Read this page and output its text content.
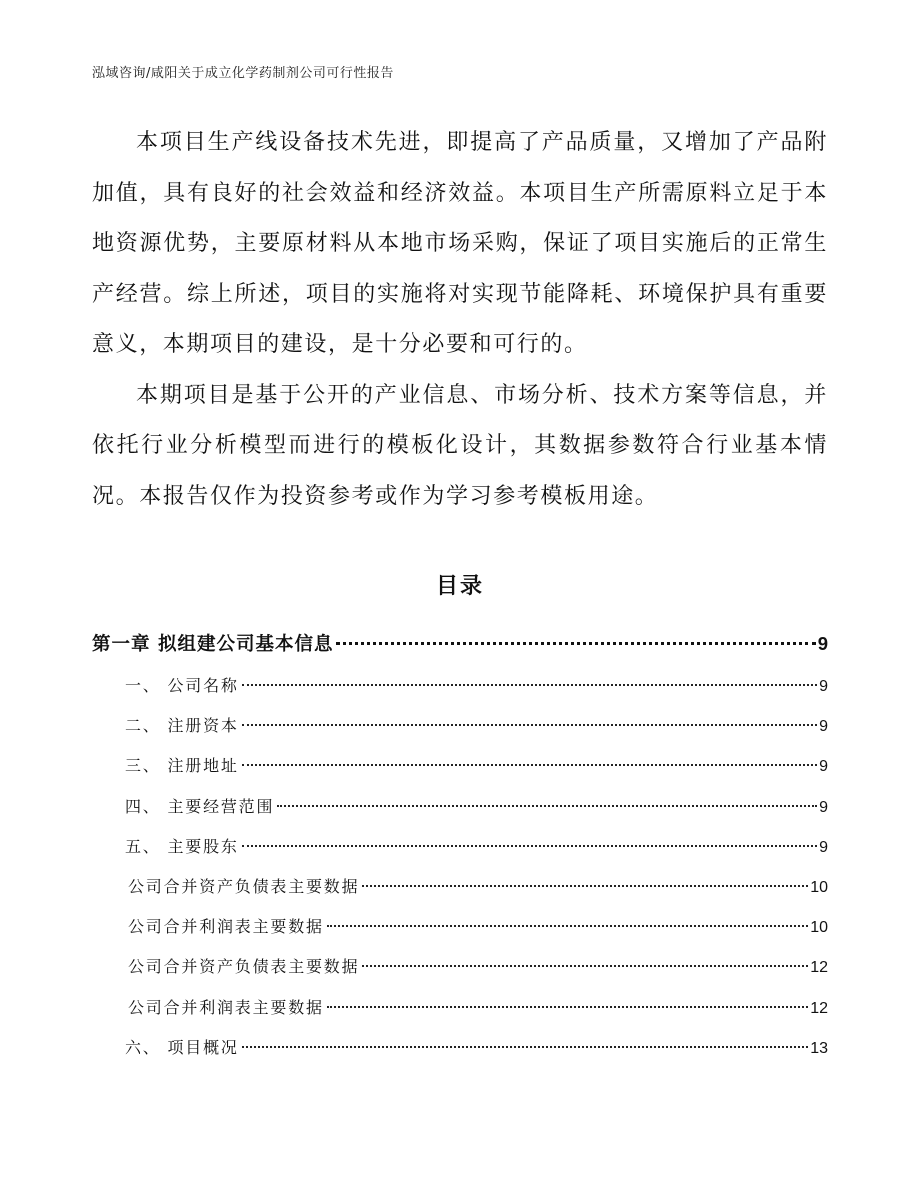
泓域咨询/咸阳关于成立化学药制剂公司可行性报告

本项目生产线设备技术先进，即提高了产品质量，又增加了产品附加值，具有良好的社会效益和经济效益。本项目生产所需原料立足于本地资源优势，主要原材料从本地市场采购，保证了项目实施后的正常生产经营。综上所述，项目的实施将对实现节能降耗、环境保护具有重要意义，本期项目的建设，是十分必要和可行的。

本期项目是基于公开的产业信息、市场分析、技术方案等信息，并依托行业分析模型而进行的模板化设计，其数据参数符合行业基本情况。本报告仅作为投资参考或作为学习参考模板用途。

目录
第一章 拟组建公司基本信息	9
一、 公司名称	9
二、 注册资本	9
三、 注册地址	9
四、 主要经营范围	9
五、 主要股东	9
公司合并资产负债表主要数据	10
公司合并利润表主要数据	10
公司合并资产负债表主要数据	12
公司合并利润表主要数据	12
六、 项目概况	13
